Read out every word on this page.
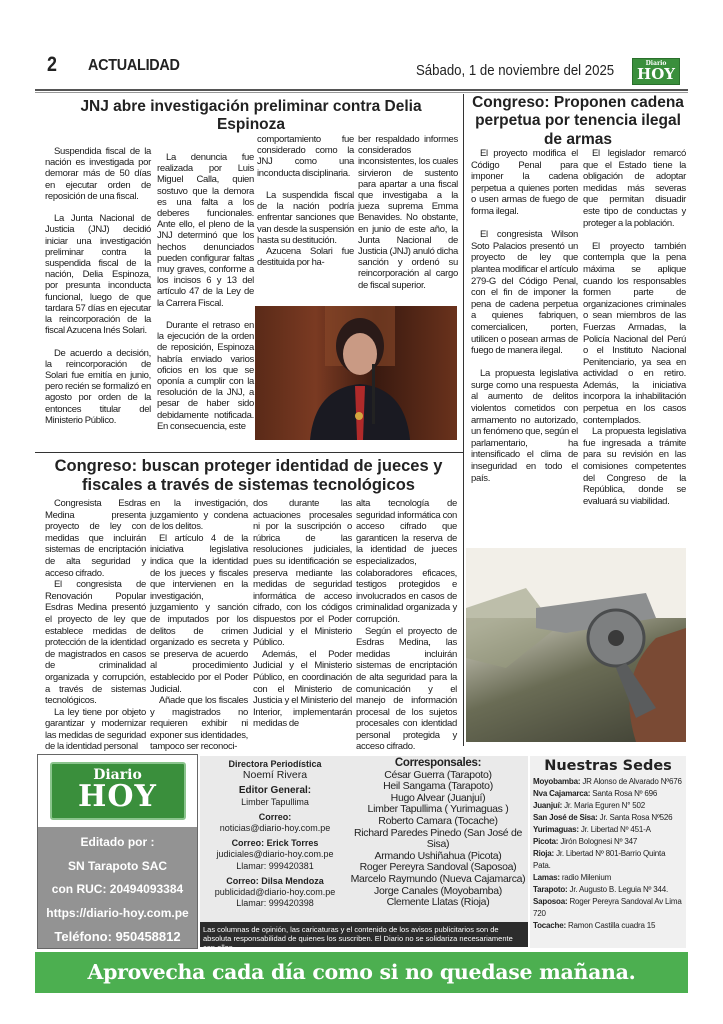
2 ACTUALIDAD	Sábado, 1 de noviembre del 2025	Diario
HOY
JNJ abre investigación preliminar contra Delia Espinoza

Suspendida fiscal de la nación es investigada por demorar más de 50 días en ejecutar orden de reposición de una fiscal.

La Junta Nacional de Justicia (JNJ) decidió iniciar una investigación preliminar contra la suspendida fiscal de la nación, Delia Espinoza, por presunta inconducta funcional, luego de que tardara 57 días en ejecutar la reincorporación de la fiscal Azucena Inés Solari.

De acuerdo a decisión, la reincorporación de Solari fue emitía en junio, pero recién se formalizó en agosto por orden de la entonces titular del Ministerio Público.

La denuncia fue realizada por Luis Miguel Calla, quien sostuvo que la demora es una falta a los deberes funcionales. Ante ello, el pleno de la JNJ determinó que los hechos denunciados pueden configurar faltas muy graves, conforme a los incisos 6 y 13 del artículo 47 de la Ley de la Carrera Fiscal.

Durante el retraso en la ejecución de la orden de reposición, Espinoza habría enviado varios oficios en los que se oponía a cumplir con la resolución de la JNJ, a pesar de haber sido debidamente notificada. En consecuencia, este

comportamiento fue considerado como la JNJ como una inconducta disciplinaria.

La suspendida fiscal de la nación podría enfrentar sanciones que van desde la suspensión hasta su destitución.

Azucena Solari fue destituida por ha-

ber respaldado informes considerados inconsistentes, los cuales sirvieron de sustento para apartar a una fiscal que investigaba a la jueza suprema Emma Benavides. No obstante, en junio de este año, la Junta Nacional de Justicia (JNJ) anuló dicha sanción y ordenó su reincorporación al cargo de fiscal superior.

Congreso: buscan proteger identidad de jueces y fiscales a través de sistemas tecnológicos

Congresista Esdras Medina presenta proyecto de ley con medidas que incluirán sistemas de encriptación de alta seguridad y acceso cifrado.

El congresista de Renovación Popular Esdras Medina presentó el proyecto de ley que establece medidas de protección de la identidad de magistrados en casos de criminalidad organizada y corrupción, a través de sistemas tecnológicos.

La ley tiene por objeto garantizar y modernizar las medidas de seguridad de la identidad personal

en la investigación, juzgamiento y condena de los delitos.

El artículo 4 de la iniciativa legislativa indica que la identidad de los jueces y fiscales que intervienen en la investigación, juzgamiento y sanción de imputados por los delitos de crimen organizado es secreta y se preserva de acuerdo al procedimiento establecido por el Poder Judicial.

Añade que los fiscales y magistrados no requieren exhibir ni exponer sus identidades, tampoco ser reconoci-

dos durante las actuaciones procesales ni por la suscripción o rúbrica de las resoluciones judiciales, pues su identificación se preserva mediante las medidas de seguridad informática de acceso cifrado, con los códigos dispuestos por el Poder Judicial y el Ministerio Público.

Además, el Poder Judicial y el Ministerio Público, en coordinación con el Ministerio de Justicia y el Ministerio del Interior, implementarán medidas de

alta tecnología de seguridad informática con acceso cifrado que garanticen la reserva de la identidad de jueces especializados, colaboradores eficaces, testigos protegidos e involucrados en casos de criminalidad organizada y corrupción.

Según el proyecto de Esdras Medina, las medidas incluirán sistemas de encriptación de alta seguridad para la comunicación y el manejo de información procesal de los sujetos procesales con identidad personal protegida y acceso cifrado.

Congreso: Proponen cadena perpetua por tenencia ilegal de armas

El proyecto modifica el Código Penal para imponer la cadena perpetua a quienes porten o usen armas de fuego de forma ilegal.

El congresista Wilson Soto Palacios presentó un proyecto de ley que plantea modificar el artículo 279-G del Código Penal, con el fin de imponer la pena de cadena perpetua a quienes fabriquen, comercialicen, porten, utilicen o posean armas de fuego de manera ilegal.

La propuesta legislativa surge como una respuesta al aumento de delitos violentos cometidos con armamento no autorizado, un fenómeno que, según el parlamentario, ha intensificado el clima de inseguridad en todo el país.

El legislador remarcó que el Estado tiene la obligación de adoptar medidas más severas que permitan disuadir este tipo de conductas y proteger a la población.

El proyecto también contempla que la pena máxima se aplique cuando los responsables formen parte de organizaciones criminales o sean miembros de las Fuerzas Armadas, la Policía Nacional del Perú o el Instituto Nacional Penitenciario, ya sea en actividad o en retiro. Además, la iniciativa incorpora la inhabilitación perpetua en los casos contemplados.

La propuesta legislativa fue ingresada a trámite para su revisión en las comisiones competentes del Congreso de la República, donde se evaluará su viabilidad.

Diario
HOY
Editado por :
SN Tarapoto SAC
con RUC: 20494093384
https://diario-hoy.com.pe
Teléfono: 950458812
Directora Periodística
Noemí Rivera
Editor General:
Limber Tapullima
Correo:
noticias@diario-hoy.com.pe
Correo: Erick Torres
judiciales@diario-hoy.com.pe
Llamar: 999420381
Correo: Dilsa Mendoza
publicidad@diario-hoy.com.pe
Llamar: 999420398
Corresponsales:
César Guerra (Tarapoto)
Heil Sangama (Tarapoto)
Hugo Alvear (Juanjuí)
Limber Tapullima ( Yurimaguas )
Roberto Camara (Tocache)
Richard Paredes Pinedo (San José de Sisa)
Armando Ushiñahua (Picota)
Roger Pereyra Sandoval (Saposoa)
Marcelo Raymundo (Nueva Cajamarca)
Jorge Canales (Moyobamba)
Clemente Llatas (Rioja)
Las columnas de opinión, las caricaturas y el contenido de los avisos publicitarios son de absoluta responsabilidad de quienes los suscriben. El Diario no se solidariza necesariamente con ellos.
Nuestras Sedes
Moyobamba: JR Alonso de Alvarado Nº676
Nva Cajamarca: Santa Rosa Nº 696
Juanjuí: Jr. Maria Eguren N° 502
San José de Sisa: Jr. Santa Rosa Nº526
Yurimaguas: Jr. Libertad Nº 451-A
Picota: Jirón Bolognesi Nº 347
Rioja: Jr. Libertad Nº 801-Barrio Quinta Pata.
Lamas: radio Milenium
Tarapoto: Jr. Augusto B. Leguia Nº 344.
Saposoa: Roger Pereyra Sandoval Av Lima 720
Tocache: Ramon Castilla cuadra 15
Aprovecha cada día como si no quedase mañana.
